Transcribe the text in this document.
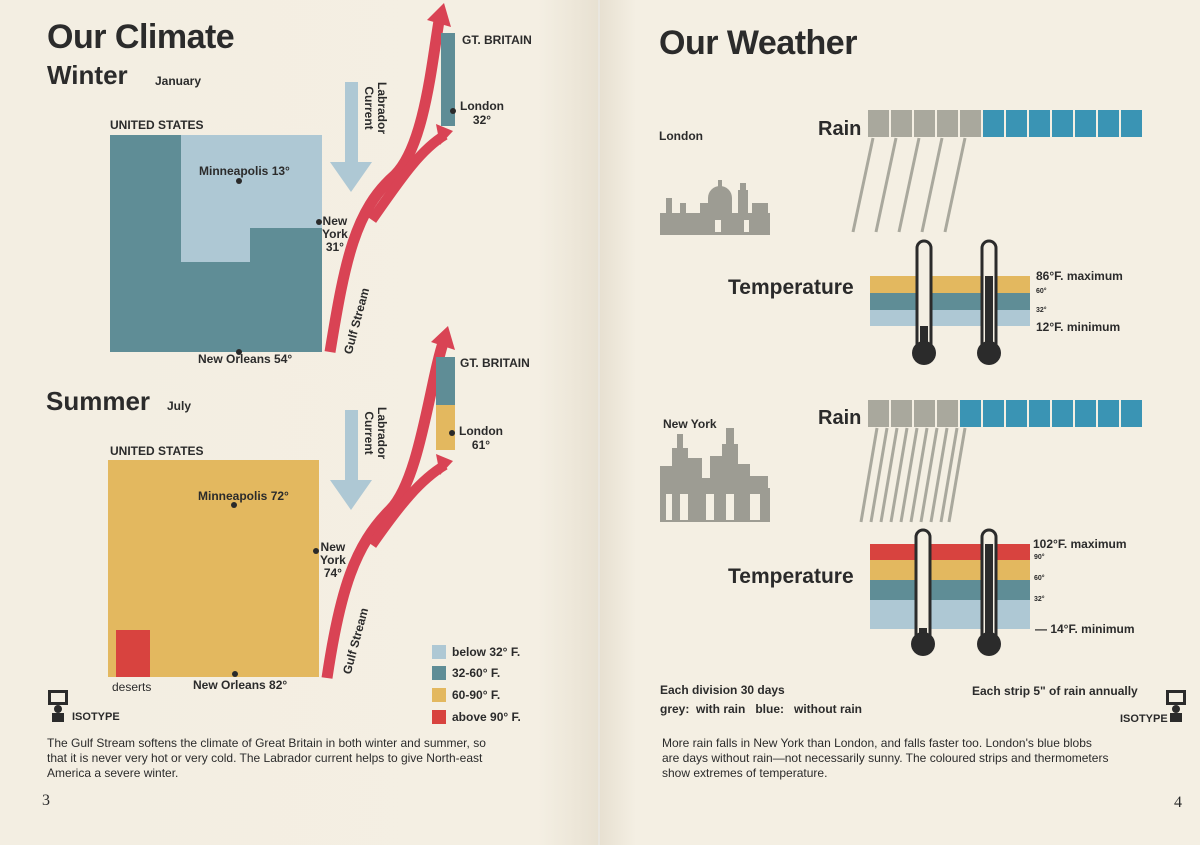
Our Climate
Winter January
UNITED STATES
Minneapolis 13°
New
York
31°
New Orleans 54°
Labrador
Current
Gulf Stream
GT. BRITAIN
London
32°
Summer July
UNITED STATES
Minneapolis 72°
New
York
74°
New Orleans 82°
deserts
Labrador
Current
Gulf Stream
GT. BRITAIN
London
61°
below 32° F.
32-60° F.
60-90° F.
above 90° F.
ISOTYPE
The Gulf Stream softens the climate of Great Britain in both winter and summer, so that it is never very hot or very cold. The Labrador current helps to give North-east America a severe winter.
3
Our Weather
London	Rain
Temperature	86°F. maximum
60°
32°
12°F. minimum
New York	Rain
Temperature
102°F. maximum
90°
60°
32°
— 14°F. minimum
Each division 30 days
grey:  with rain   blue:   without rain
Each strip 5" of rain annually
ISOTYPE
More rain falls in New York than London, and falls faster too. London's blue blobs are days without rain—not necessarily sunny. The coloured strips and thermometers show extremes of temperature.
4
